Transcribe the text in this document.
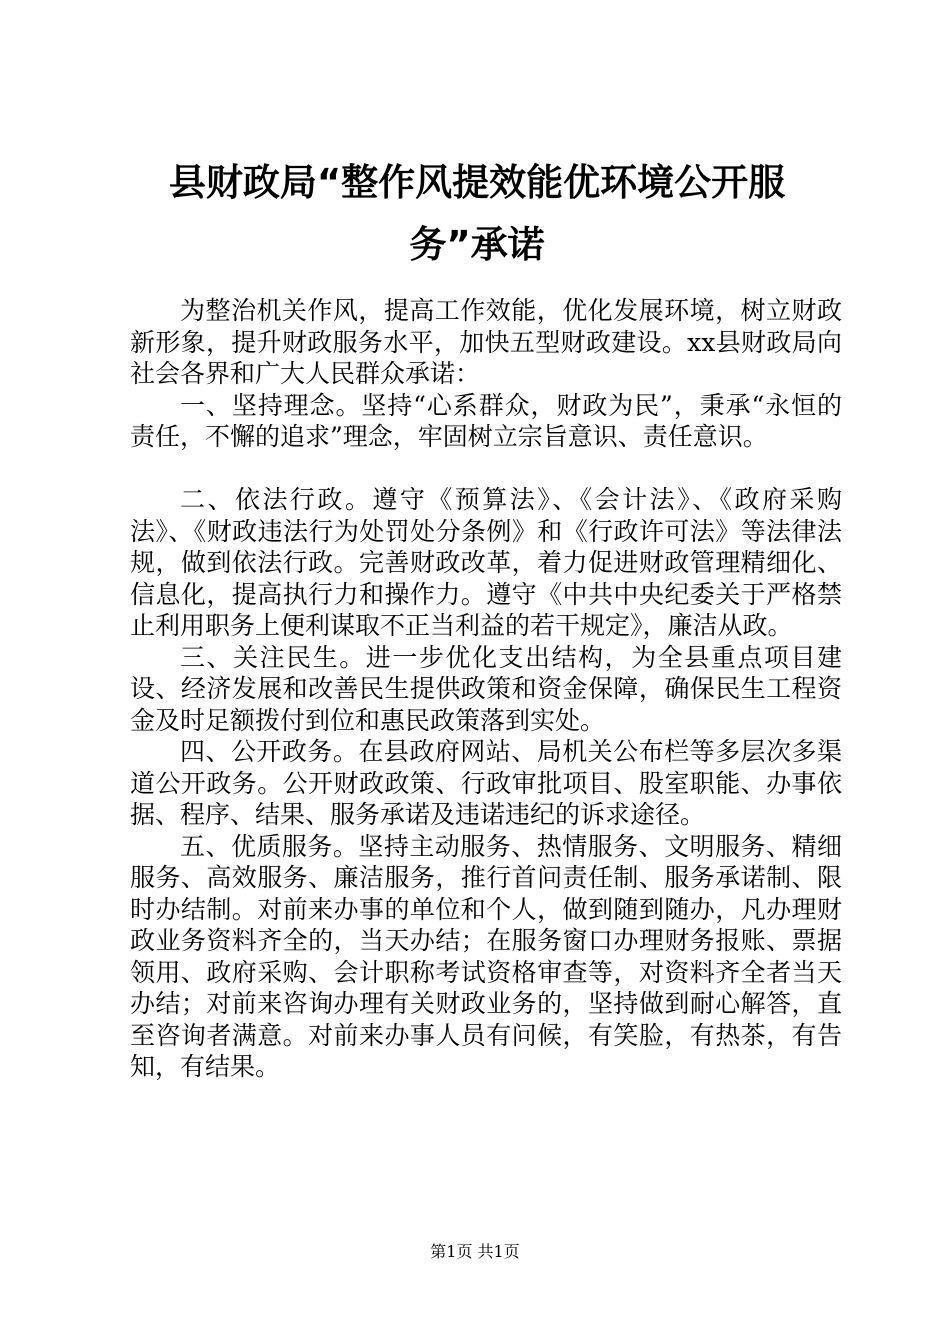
县财政局“整作风提效能优环境公开服务”承诺

为整治机关作风，提高工作效能，优化发展环境，树立财政新形象，提升财政服务水平，加快五型财政建设。xx县财政局向社会各界和广大人民群众承诺：

一、坚持理念。坚持“心系群众，财政为民”，秉承“永恒的责任，不懈的追求”理念，牢固树立宗旨意识、责任意识。

二、依法行政。遵守《预算法》、《会计法》、《政府采购法》、《财政违法行为处罚处分条例》和《行政许可法》等法律法规，做到依法行政。完善财政改革，着力促进财政管理精细化、信息化，提高执行力和操作力。遵守《中共中央纪委关于严格禁止利用职务上便利谋取不正当利益的若干规定》，廉洁从政。

三、关注民生。进一步优化支出结构，为全县重点项目建设、经济发展和改善民生提供政策和资金保障，确保民生工程资金及时足额拨付到位和惠民政策落到实处。

四、公开政务。在县政府网站、局机关公布栏等多层次多渠道公开政务。公开财政政策、行政审批项目、股室职能、办事依据、程序、结果、服务承诺及违诺违纪的诉求途径。

五、优质服务。坚持主动服务、热情服务、文明服务、精细服务、高效服务、廉洁服务，推行首问责任制、服务承诺制、限时办结制。对前来办事的单位和个人，做到随到随办，凡办理财政业务资料齐全的，当天办结；在服务窗口办理财务报账、票据领用、政府采购、会计职称考试资格审查等，对资料齐全者当天办结；对前来咨询办理有关财政业务的，坚持做到耐心解答，直至咨询者满意。对前来办事人员有问候，有笑脸，有热茶，有告知，有结果。

第1页 共1页
